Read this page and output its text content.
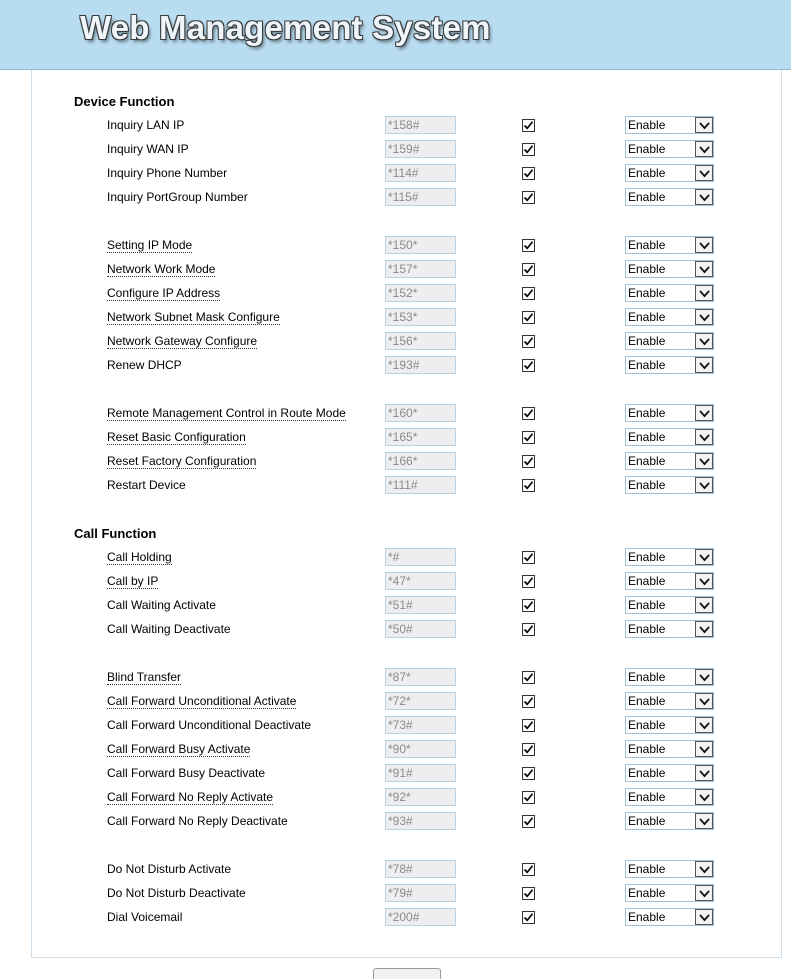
Web Management System
Device Function
Inquiry LAN IP	*158#	Enable
Inquiry WAN IP	*159#	Enable
Inquiry Phone Number	*114#	Enable
Inquiry PortGroup Number	*115#	Enable
Setting IP Mode	*150*	Enable
Network Work Mode	*157*	Enable
Configure IP Address	*152*	Enable
Network Subnet Mask Configure	*153*	Enable
Network Gateway Configure	*156*	Enable
Renew DHCP	*193#	Enable
Remote Management Control in Route Mode	*160*	Enable
Reset Basic Configuration	*165*	Enable
Reset Factory Configuration	*166*	Enable
Restart Device	*111#	Enable
Call Function
Call Holding	*#	Enable
Call by IP	*47*	Enable
Call Waiting Activate	*51#	Enable
Call Waiting Deactivate	*50#	Enable
Blind Transfer	*87*	Enable
Call Forward Unconditional Activate	*72*	Enable
Call Forward Unconditional Deactivate	*73#	Enable
Call Forward Busy Activate	*90*	Enable
Call Forward Busy Deactivate	*91#	Enable
Call Forward No Reply Activate	*92*	Enable
Call Forward No Reply Deactivate	*93#	Enable
Do Not Disturb Activate	*78#	Enable
Do Not Disturb Deactivate	*79#	Enable
Dial Voicemail	*200#	Enable
